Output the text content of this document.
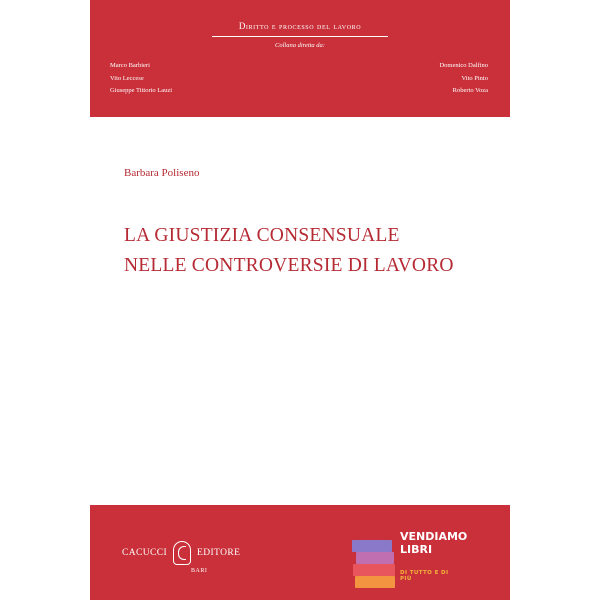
Diritto e processo del lavoro
Collana diretta da:
Marco Barbieri
Vito Leccese
Giuseppe Tittorio Lauzi
Domenico Dalfino
Vito Pinto
Roberto Voza
Barbara Poliseno
LA GIUSTIZIA CONSENSUALE
NELLE CONTROVERSIE DI LAVORO
CACUCCI	EDITORE
BARI
VENDIAMO
LIBRI
DI TUTTO E DI PIÙ
